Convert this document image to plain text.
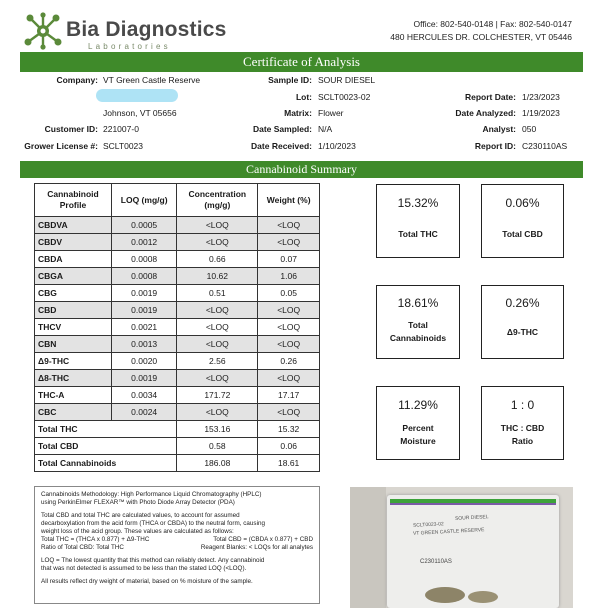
Bia Diagnostics
Laboratories
Office: 802-540-0148 | Fax: 802-540-0147
480 HERCULES DR. COLCHESTER, VT 05446
Certificate of Analysis
Company: VT Green Castle Reserve
Johnson, VT 05656
Customer ID: 221007-0
Grower License #: SCLT0023
Sample ID: SOUR DIESEL
Lot: SCLT0023-02
Matrix: Flower
Date Sampled: N/A
Date Received: 1/10/2023
Report Date: 1/23/2023
Date Analyzed: 1/19/2023
Analyst: 050
Report ID: C230110AS
Cannabinoid Summary
Cannabinoid Profile	LOQ (mg/g)	Concentration (mg/g)	Weight (%)
CBDVA	0.0005	<LOQ	<LOQ
CBDV	0.0012	<LOQ	<LOQ
CBDA	0.0008	0.66	0.07
CBGA	0.0008	10.62	1.06
CBG	0.0019	0.51	0.05
CBD	0.0019	<LOQ	<LOQ
THCV	0.0021	<LOQ	<LOQ
CBN	0.0013	<LOQ	<LOQ
Δ9-THC	0.0020	2.56	0.26
Δ8-THC	0.0019	<LOQ	<LOQ
THC-A	0.0034	171.72	17.17
CBC	0.0024	<LOQ	<LOQ
Total THC		153.16	15.32
Total CBD		0.58	0.06
Total Cannabinoids		186.08	18.61
15.32%
Total THC
0.06%
Total CBD
18.61%
Total
Cannabinoids
0.26%
Δ9-THC
11.29%
Percent
Moisture
1 : 0
THC : CBD
Ratio

Cannabinoids Methodology: High Performance Liquid Chromatography (HPLC)
using PerkinElmer FLEXAR™ with Photo Diode Array Detector (PDA)

Total CBD and total THC are calculated values, to account for assumed
decarboxylation from the acid form (THCA or CBDA) to the neutral form, causing
weight loss of the acid group. These values are calculated as follows:

Total THC = (THCA x 0.877) + Δ9-THC	Total CBD = (CBDA x 0.877) + CBD
Ratio of Total CBD: Total THC	Reagent Blanks: < LOQs for all analytes

LOQ = The lowest quantity that this method can reliably detect. Any cannabinoid
that was not detected is assumed to be less than the stated LOQ (<LOQ).

All results reflect dry weight of material, based on % moisture of the sample.

SOUR DIESEL
SCLT0023-02
VT GREEN CASTLE RESERVE
C230110AS
